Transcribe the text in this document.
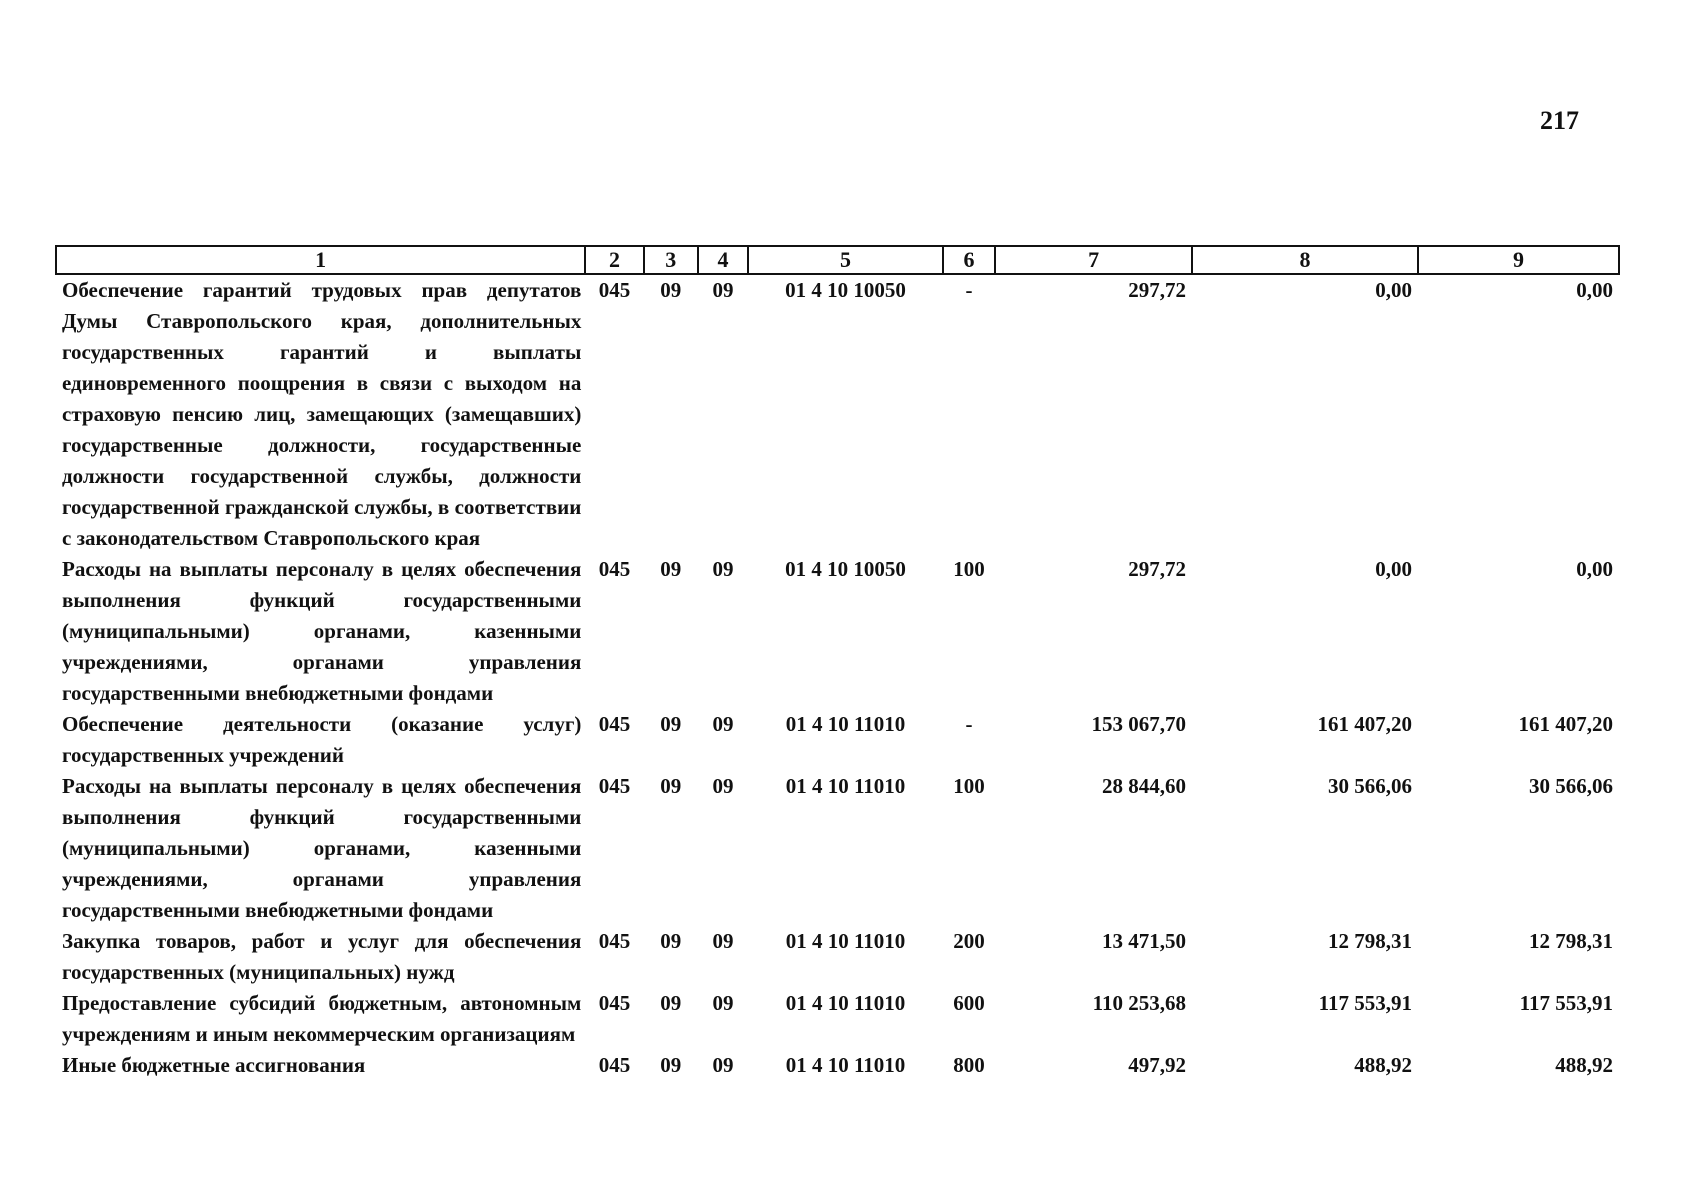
217
1	2	3	4	5	6	7	8	9
Обеспечение гарантий трудовых прав депутатов Думы Ставропольского края, дополнительных государственных гарантий и выплаты единовременного поощрения в связи с выходом на страховую пенсию лиц, замещающих (замещавших) государственные должности, государственные должности государственной службы, должности государственной гражданской службы, в соответствии с законодательством Ставропольского края	045	09	09	01 4 10 10050	-	297,72	0,00	0,00
Расходы на выплаты персоналу в целях обеспечения выполнения функций государственными (муниципальными) органами, казенными учреждениями, органами управления государственными внебюджетными фондами	045	09	09	01 4 10 10050	100	297,72	0,00	0,00
Обеспечение деятельности (оказание услуг) государственных учреждений	045	09	09	01 4 10 11010	-	153 067,70	161 407,20	161 407,20
Расходы на выплаты персоналу в целях обеспечения выполнения функций государственными (муниципальными) органами, казенными учреждениями, органами управления государственными внебюджетными фондами	045	09	09	01 4 10 11010	100	28 844,60	30 566,06	30 566,06
Закупка товаров, работ и услуг для обеспечения государственных (муниципальных) нужд	045	09	09	01 4 10 11010	200	13 471,50	12 798,31	12 798,31
Предоставление субсидий бюджетным, автономным учреждениям и иным некоммерческим организациям	045	09	09	01 4 10 11010	600	110 253,68	117 553,91	117 553,91
Иные бюджетные ассигнования	045	09	09	01 4 10 11010	800	497,92	488,92	488,92
